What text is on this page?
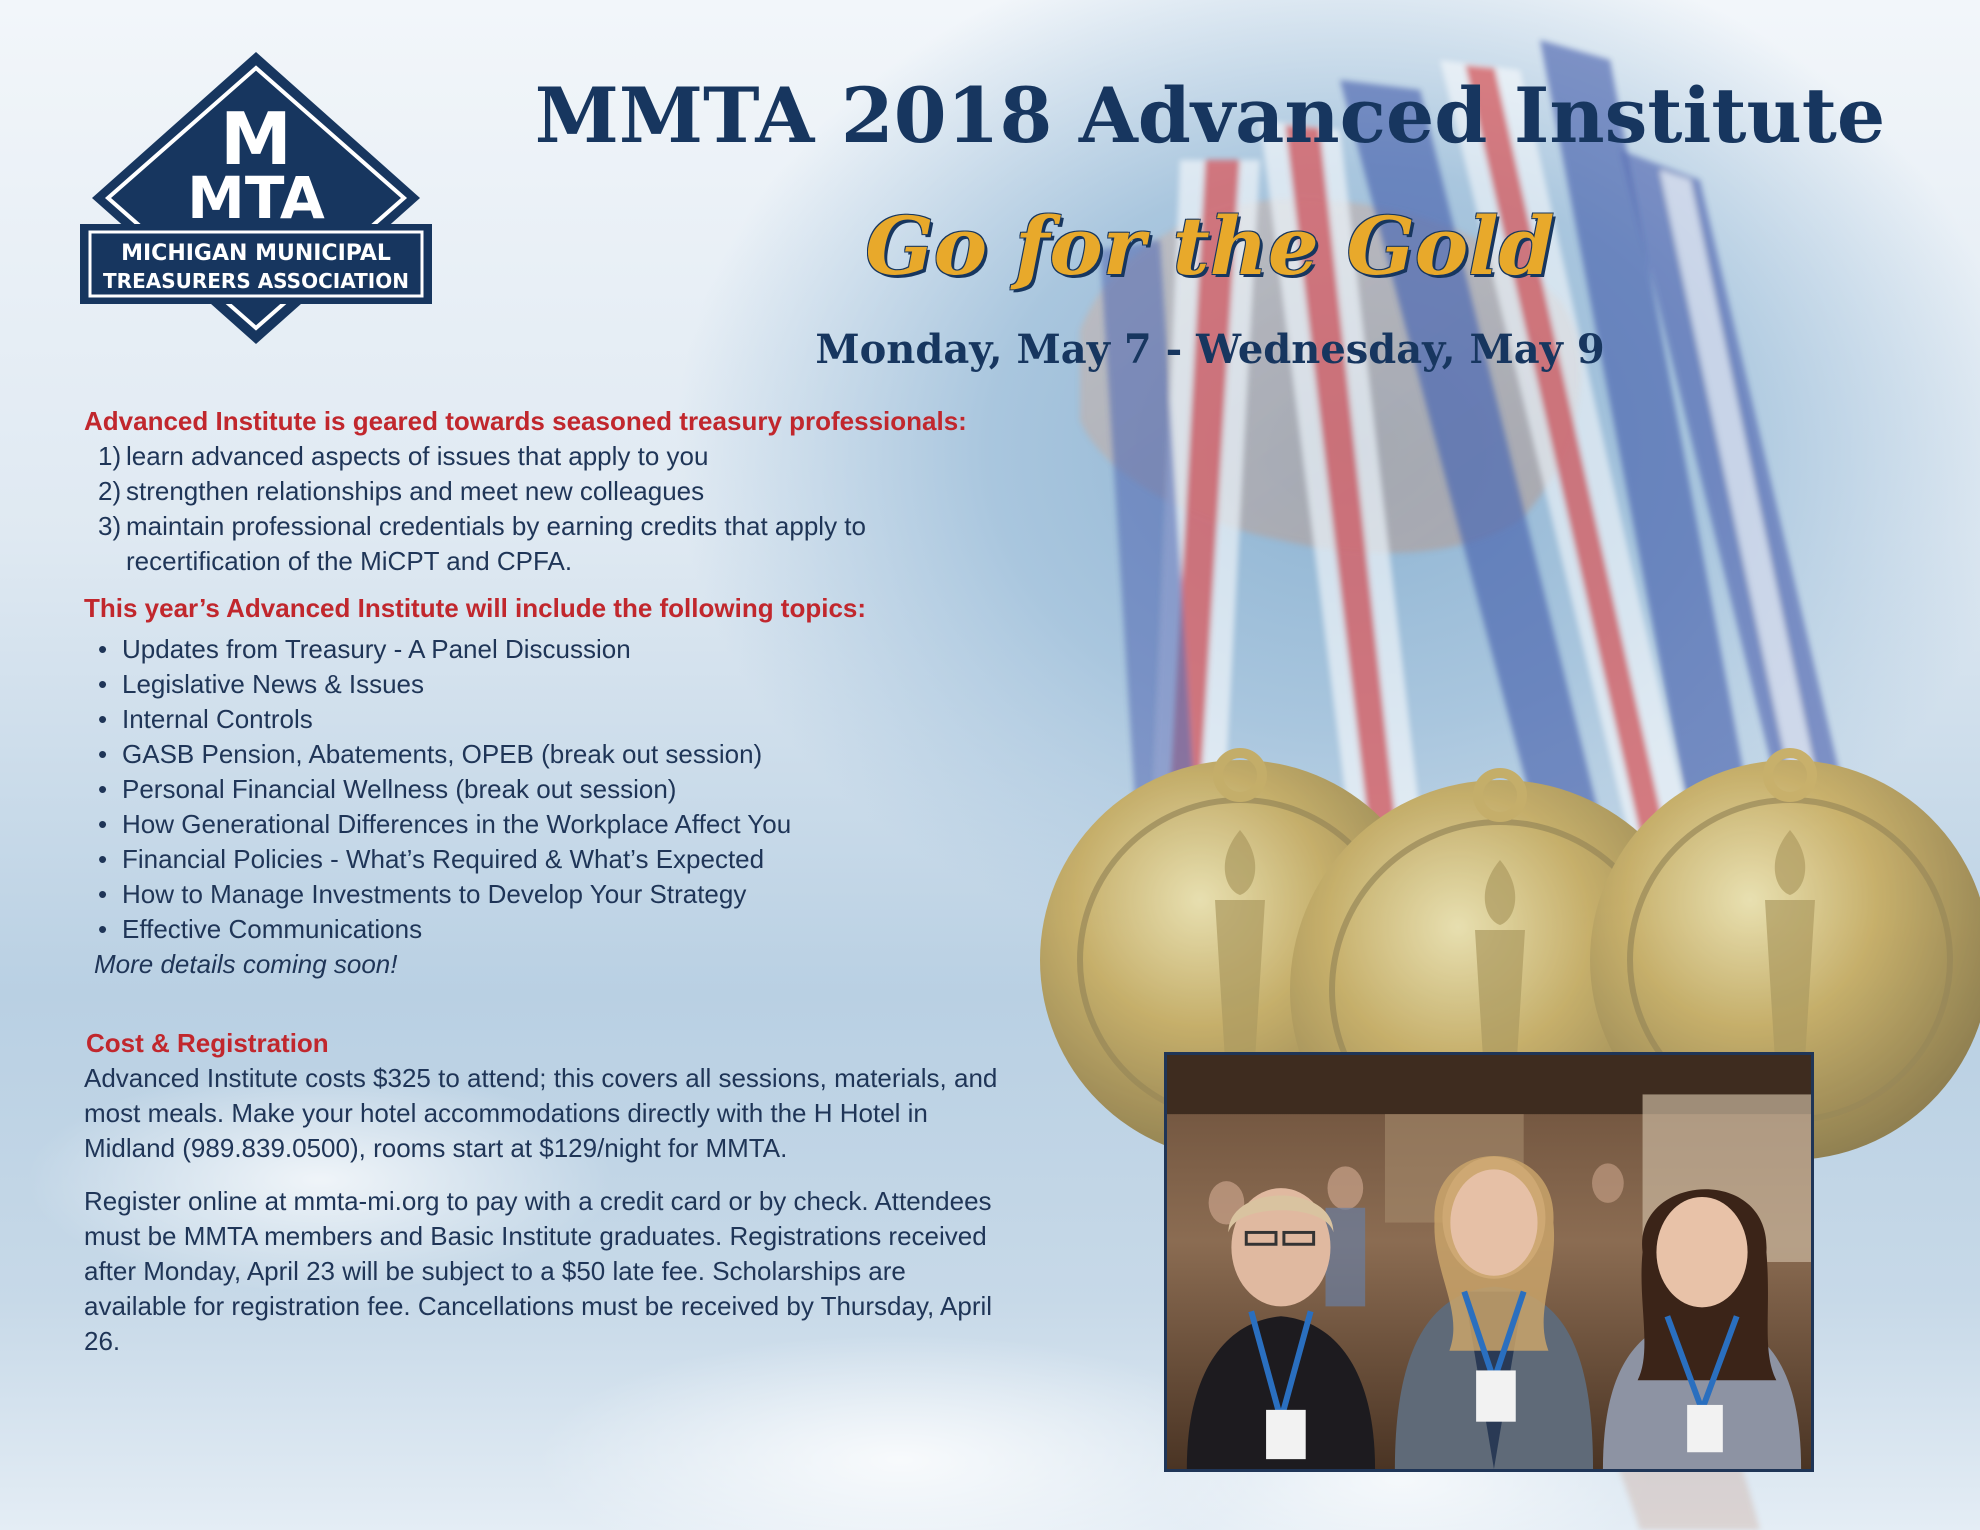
M
MTA
MICHIGAN MUNICIPAL
TREASURERS ASSOCIATION
MMTA 2018 Advanced Institute
Go for the Gold
Monday, May 7 - Wednesday, May 9

Advanced Institute is geared towards seasoned treasury professionals:

1) learn advanced aspects of issues that apply to you
2) strengthen relationships and meet new colleagues
3) maintain professional credentials by earning credits that apply to
recertification of the MiCPT and CPFA.

This year’s Advanced Institute will include the following topics:

• Updates from Treasury - A Panel Discussion
• Legislative News & Issues
• Internal Controls
• GASB Pension, Abatements, OPEB (break out session)
• Personal Financial Wellness (break out session)
• How Generational Differences in the Workplace Affect You
• Financial Policies - What’s Required & What’s Expected
• How to Manage Investments to Develop Your Strategy
• Effective Communications

More details coming soon!

Cost & Registration

Advanced Institute costs $325 to attend; this covers all sessions, materials, and most meals. Make your hotel accommodations directly with the H Hotel in Midland (989.839.0500), rooms start at $129/night for MMTA.

Register online at mmta-mi.org to pay with a credit card or by check. Attendees must be MMTA members and Basic Institute graduates. Registrations received after Monday, April 23 will be subject to a $50 late fee. Scholarships are available for registration fee. Cancellations must be received by Thursday, April 26.
